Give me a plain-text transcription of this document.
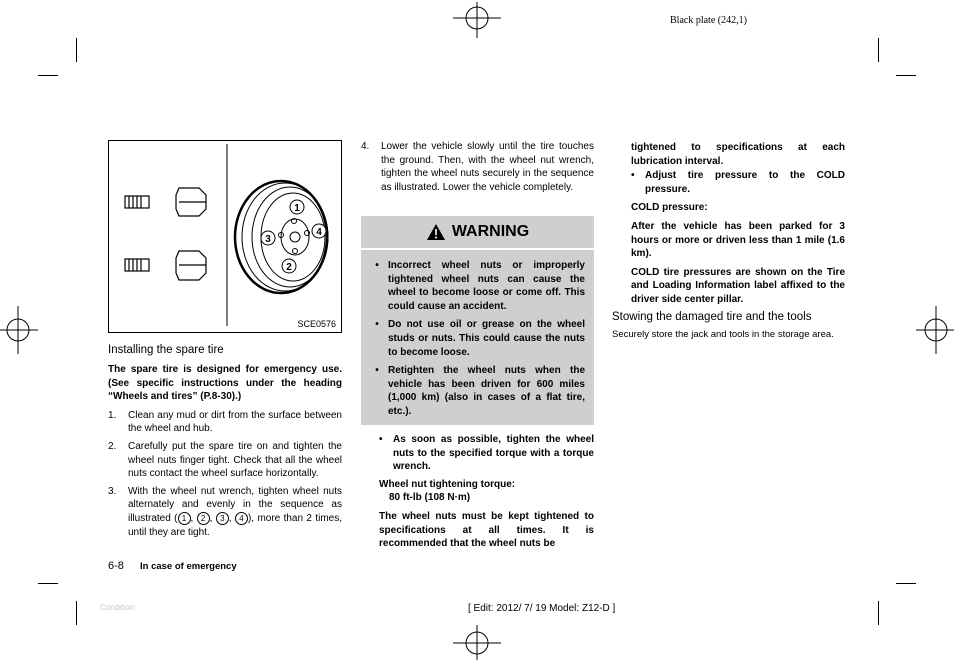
Black plate (242,1)
1
2
3
4
SCE0576

Installing the spare tire

The spare tire is designed for emergency use. (See specific instructions under the heading “Wheels and tires” (P.8-30).)

1.	Clean any mud or dirt from the surface between the wheel and hub.
2.	Carefully put the spare tire on and tighten the wheel nuts finger tight. Check that all the wheel nuts contact the wheel surface horizontally.
3.	With the wheel nut wrench, tighten wheel nuts alternately and evenly in the sequence as illustrated ( 1 , 2 , 3 , 4 ), more than 2 times, until they are tight.
4.	Lower the vehicle slowly until the tire touches the ground. Then, with the wheel nut wrench, tighten the wheel nuts securely in the sequence as illustrated. Lower the vehicle completely.
WARNING
• Incorrect wheel nuts or improperly tightened wheel nuts can cause the wheel to become loose or come off. This could cause an accident.
• Do not use oil or grease on the wheel studs or nuts. This could cause the nuts to become loose.
• Retighten the wheel nuts when the vehicle has been driven for 600 miles (1,000 km) (also in cases of a flat tire, etc.).
•	As soon as possible, tighten the wheel nuts to the specified torque with a torque wrench.

Wheel nut tightening torque:

80 ft-lb (108 N·m)

The wheel nuts must be kept tightened to specifications at all times. It is recommended that the wheel nuts be

tightened to specifications at each lubrication interval.

•	Adjust tire pressure to the COLD pressure.

COLD pressure:

After the vehicle has been parked for 3 hours or more or driven less than 1 mile (1.6 km).

COLD tire pressures are shown on the Tire and Loading Information label affixed to the driver side center pillar.

Stowing the damaged tire and the tools

Securely store the jack and tools in the storage area.

6-8 In case of emergency
Condition:	[ Edit: 2012/ 7/ 19 Model: Z12-D ]
